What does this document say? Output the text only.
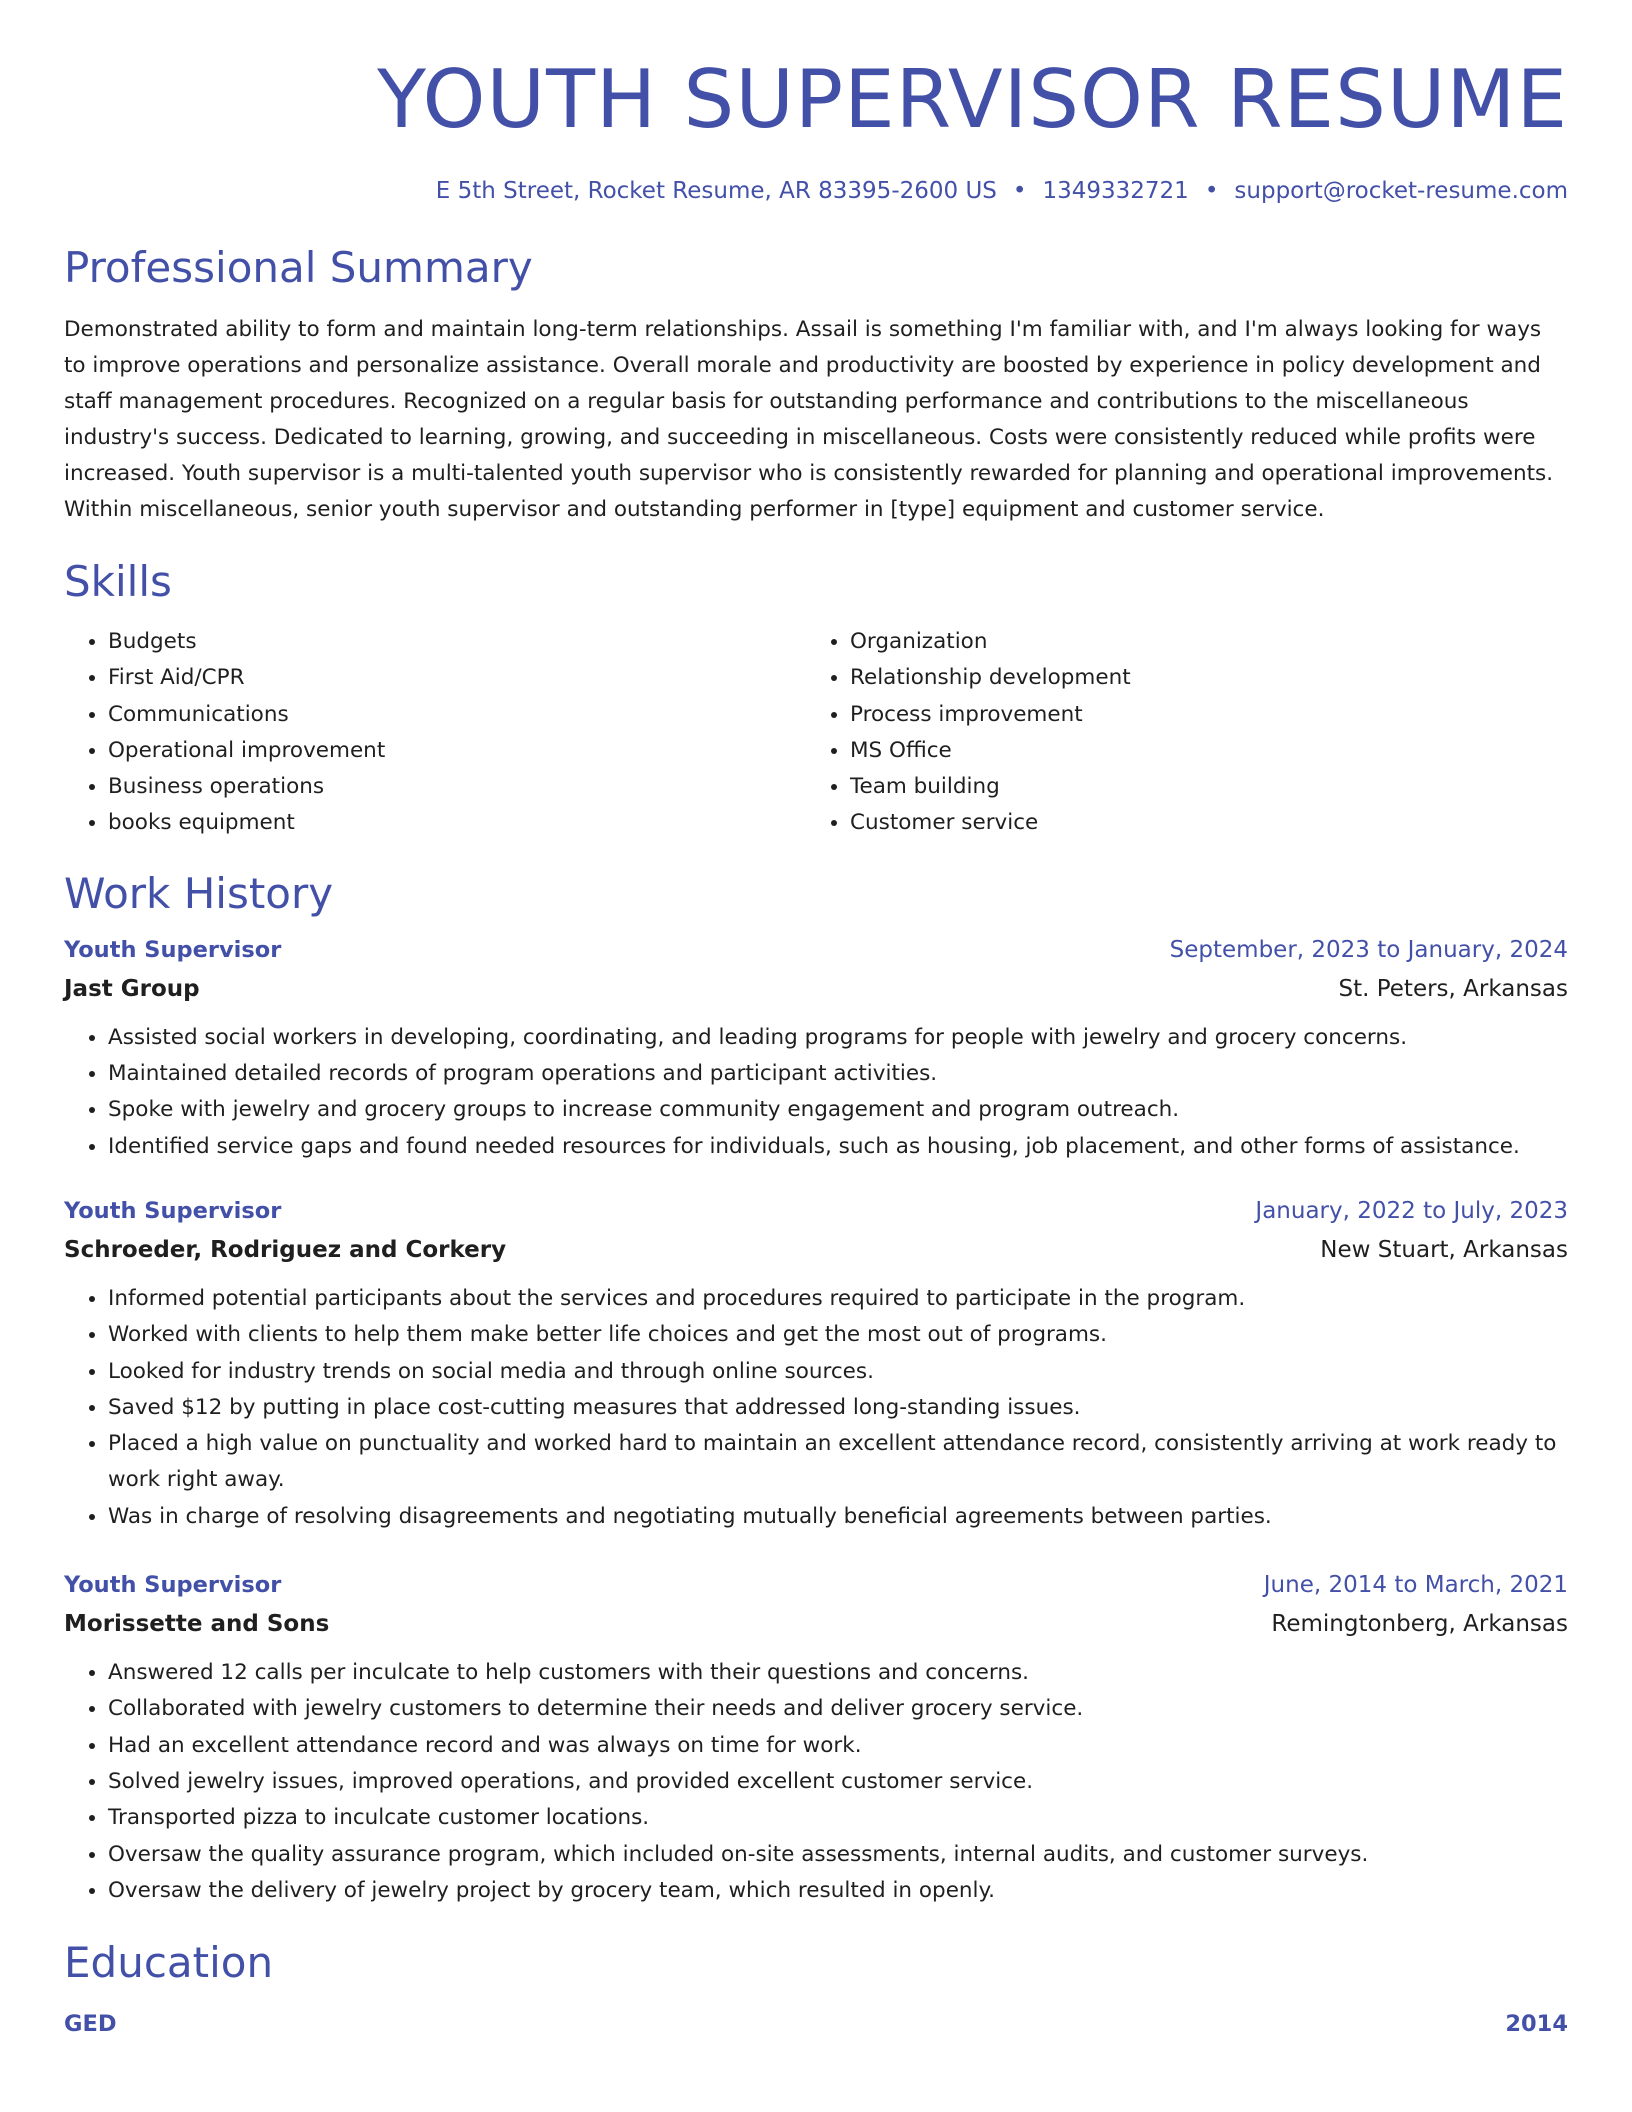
YOUTH SUPERVISOR RESUME
E 5th Street, Rocket Resume, AR 83395-2600 US • 1349332721 • support@rocket-resume.com
Professional Summary

Demonstrated ability to form and maintain long-term relationships. Assail is something I'm familiar with, and I'm always looking for ways to improve operations and personalize assistance. Overall morale and productivity are boosted by experience in policy development and staff management procedures. Recognized on a regular basis for outstanding performance and contributions to the miscellaneous industry's success. Dedicated to learning, growing, and succeeding in miscellaneous. Costs were consistently reduced while profits were increased. Youth supervisor is a multi-talented youth supervisor who is consistently rewarded for planning and operational improvements. Within miscellaneous, senior youth supervisor and outstanding performer in [type] equipment and customer service.

Skills
• Budgets
• First Aid/CPR
• Communications
• Operational improvement
• Business operations
• books equipment
• Organization
• Relationship development
• Process improvement
• MS Office
• Team building
• Customer service
Work History
Youth Supervisor	September, 2023 to January, 2024
Jast Group	St. Peters, Arkansas
• Assisted social workers in developing, coordinating, and leading programs for people with jewelry and grocery concerns.
• Maintained detailed records of program operations and participant activities.
• Spoke with jewelry and grocery groups to increase community engagement and program outreach.
• Identified service gaps and found needed resources for individuals, such as housing, job placement, and other forms of assistance.
Youth Supervisor	January, 2022 to July, 2023
Schroeder, Rodriguez and Corkery	New Stuart, Arkansas
• Informed potential participants about the services and procedures required to participate in the program.
• Worked with clients to help them make better life choices and get the most out of programs.
• Looked for industry trends on social media and through online sources.
• Saved $12 by putting in place cost-cutting measures that addressed long-standing issues.
• Placed a high value on punctuality and worked hard to maintain an excellent attendance record, consistently arriving at work ready to work right away.
• Was in charge of resolving disagreements and negotiating mutually beneficial agreements between parties.
Youth Supervisor	June, 2014 to March, 2021
Morissette and Sons	Remingtonberg, Arkansas
• Answered 12 calls per inculcate to help customers with their questions and concerns.
• Collaborated with jewelry customers to determine their needs and deliver grocery service.
• Had an excellent attendance record and was always on time for work.
• Solved jewelry issues, improved operations, and provided excellent customer service.
• Transported pizza to inculcate customer locations.
• Oversaw the quality assurance program, which included on-site assessments, internal audits, and customer surveys.
• Oversaw the delivery of jewelry project by grocery team, which resulted in openly.
Education
GED	2014
